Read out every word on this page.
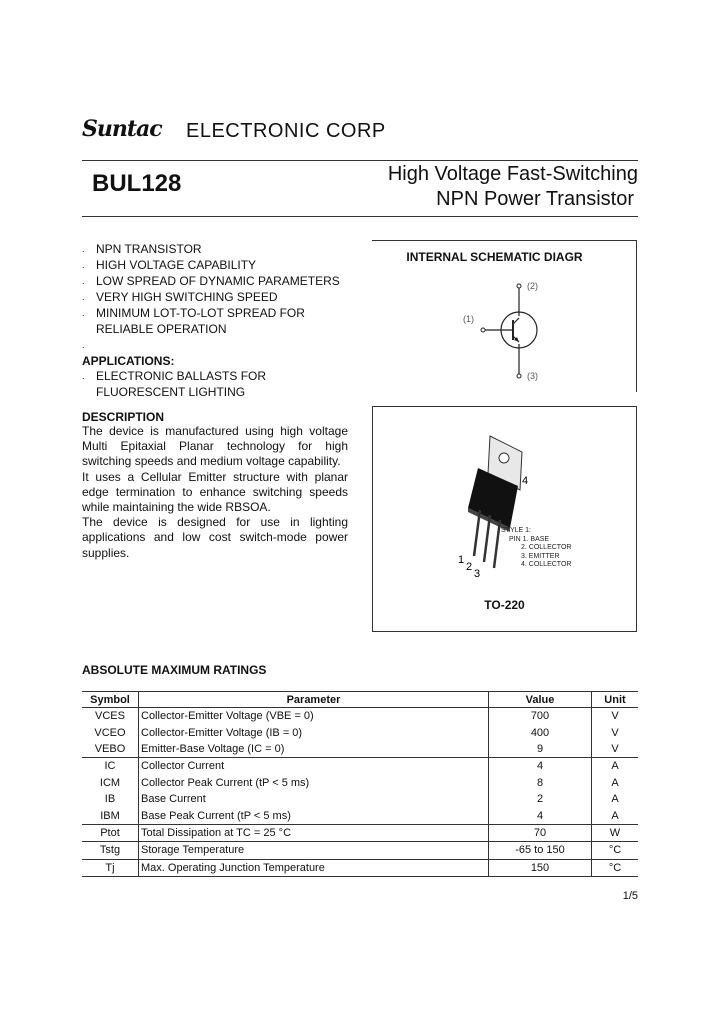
Suntac ELECTRONIC CORP
BUL128	High Voltage Fast-Switching
NPN Power Transistor
. NPN TRANSISTOR
. HIGH VOLTAGE CAPABILITY
. LOW SPREAD OF DYNAMIC PARAMETERS
. VERY HIGH SWITCHING SPEED
. MINIMUM LOT-TO-LOT SPREAD FOR
RELIABLE OPERATION
.
APPLICATIONS:
. ELECTRONIC BALLASTS FOR
FLUORESCENT LIGHTING
DESCRIPTION

The device is manufactured using high voltage Multi Epitaxial Planar technology for high switching speeds and medium voltage capability.

It uses a Cellular Emitter structure with planar edge termination to enhance switching speeds while maintaining the wide RBSOA.

The device is designed for use in lighting applications and low cost switch-mode power supplies.

INTERNAL SCHEMATIC DIAGR
(2)
(1)
(3)
1
2
3
4
STYLE 1:
PIN 1. BASE
2. COLLECTOR
3. EMITTER
4. COLLECTOR
TO-220
ABSOLUTE MAXIMUM RATINGS
Symbol	Parameter	Value	Unit
VCES	Collector-Emitter Voltage (VBE = 0)	700	V
VCEO	Collector-Emitter Voltage (IB = 0)	400	V
VEBO	Emitter-Base Voltage (IC = 0)	9	V
IC	Collector Current	4	A
ICM	Collector Peak Current (tP < 5 ms)	8	A
IB	Base Current	2	A
IBM	Base Peak Current (tP < 5 ms)	4	A
Ptot	Total Dissipation at TC = 25 °C	70	W
Tstg	Storage Temperature	-65 to 150	°C
Tj	Max. Operating Junction Temperature	150	°C
1/5
